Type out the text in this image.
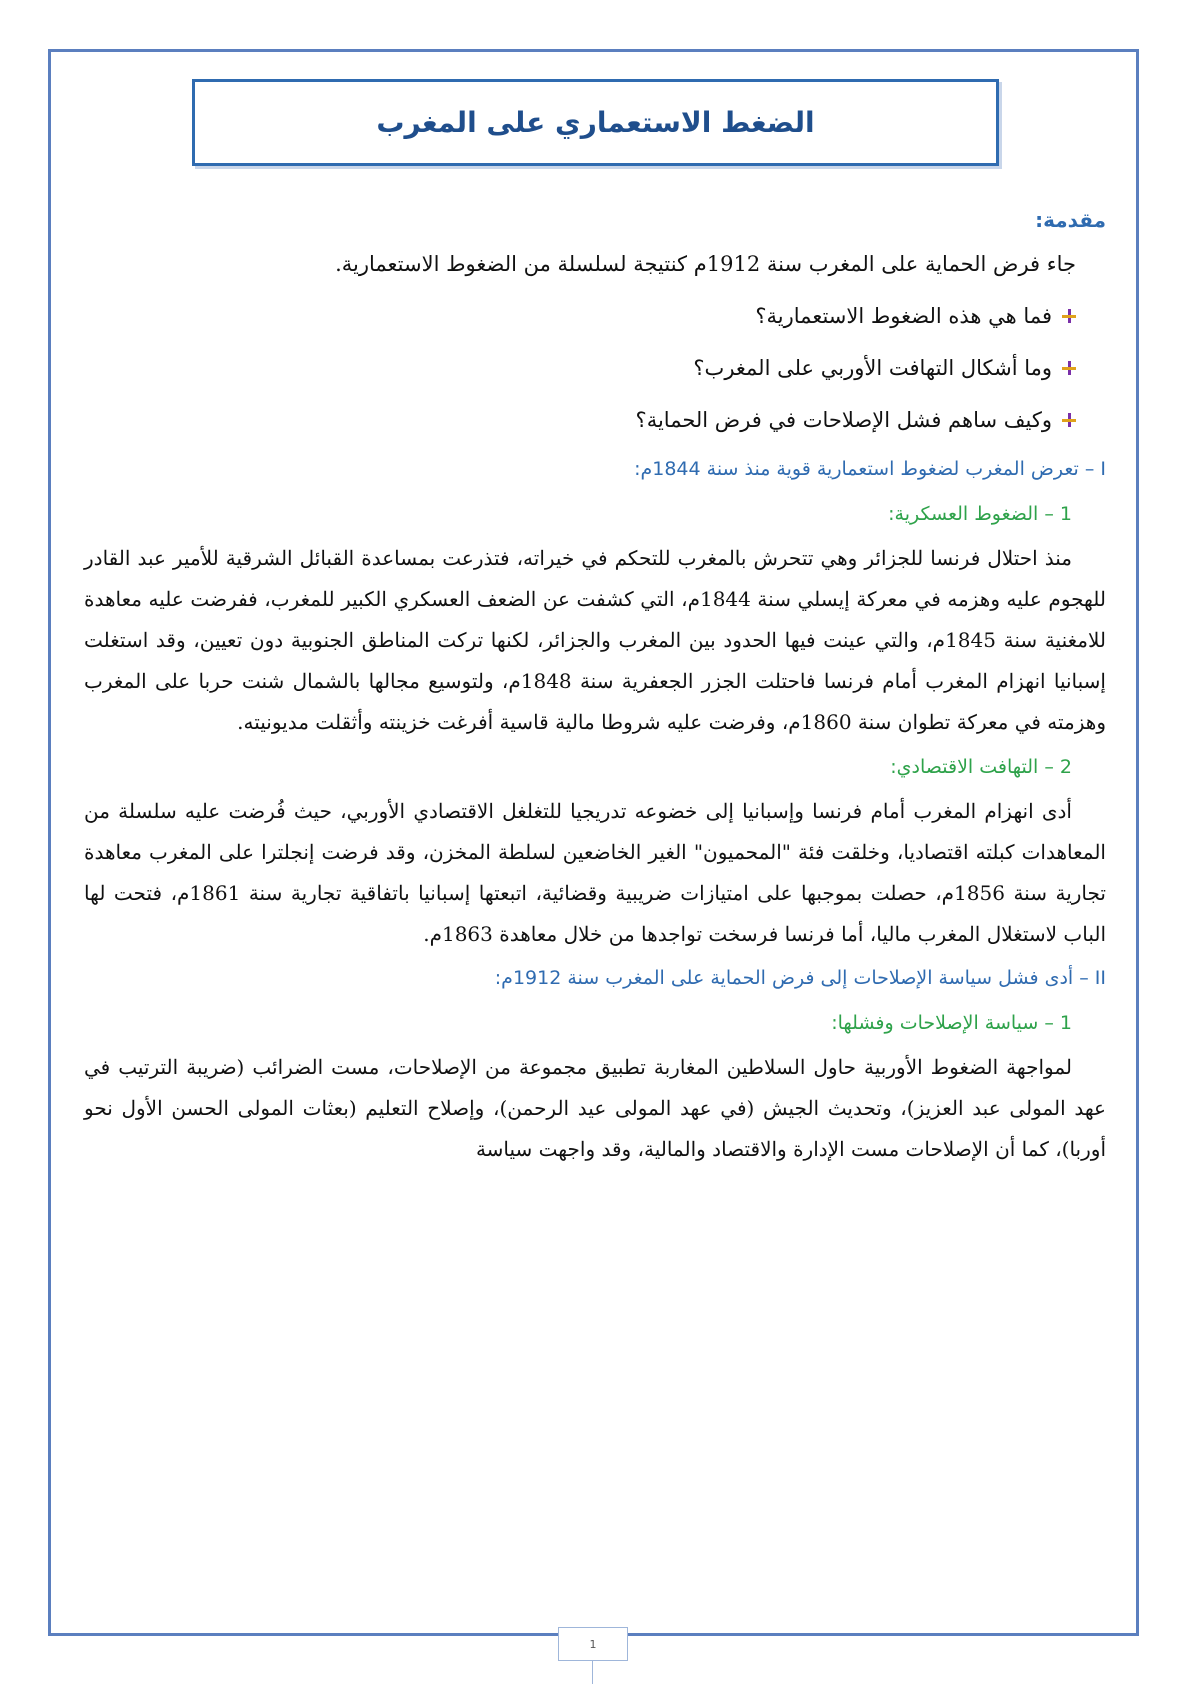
الضغط الاستعماري على المغرب
مقدمة:

جاء فرض الحماية على المغرب سنة 1912م كنتيجة لسلسلة من الضغوط الاستعمارية.

فما هي هذه الضغوط الاستعمارية؟
وما أشكال التهافت الأوربي على المغرب؟
وكيف ساهم فشل الإصلاحات في فرض الحماية؟
I – تعرض المغرب لضغوط استعمارية قوية منذ سنة 1844م:
1 – الضغوط العسكرية:

منذ احتلال فرنسا للجزائر وهي تتحرش بالمغرب للتحكم في خيراته، فتذرعت بمساعدة القبائل الشرقية للأمير عبد القادر للهجوم عليه وهزمه في معركة إيسلي سنة 1844م، التي كشفت عن الضعف العسكري الكبير للمغرب، ففرضت عليه معاهدة للامغنية سنة 1845م، والتي عينت فيها الحدود بين المغرب والجزائر، لكنها تركت المناطق الجنوبية دون تعيين، وقد استغلت إسبانيا انهزام المغرب أمام فرنسا فاحتلت الجزر الجعفرية سنة 1848م، ولتوسيع مجالها بالشمال شنت حربا على المغرب وهزمته في معركة تطوان سنة 1860م، وفرضت عليه شروطا مالية قاسية أفرغت خزينته وأثقلت مديونيته.

2 – التهافت الاقتصادي:

أدى انهزام المغرب أمام فرنسا وإسبانيا إلى خضوعه تدريجيا للتغلغل الاقتصادي الأوربي، حيث فُرضت عليه سلسلة من المعاهدات كبلته اقتصاديا، وخلقت فئة "المحميون" الغير الخاضعين لسلطة المخزن، وقد فرضت إنجلترا على المغرب معاهدة تجارية سنة 1856م، حصلت بموجبها على امتيازات ضريبية وقضائية، اتبعتها إسبانيا باتفاقية تجارية سنة 1861م، فتحت لها الباب لاستغلال المغرب ماليا، أما فرنسا فرسخت تواجدها من خلال معاهدة 1863م.

II – أدى فشل سياسة الإصلاحات إلى فرض الحماية على المغرب سنة 1912م:
1 – سياسة الإصلاحات وفشلها:

لمواجهة الضغوط الأوربية حاول السلاطين المغاربة تطبيق مجموعة من الإصلاحات، مست الضرائب (ضريبة الترتيب في عهد المولى عبد العزيز)، وتحديث الجيش (في عهد المولى عيد الرحمن)، وإصلاح التعليم (بعثات المولى الحسن الأول نحو أوربا)، كما أن الإصلاحات مست الإدارة والاقتصاد والمالية، وقد واجهت سياسة

1
